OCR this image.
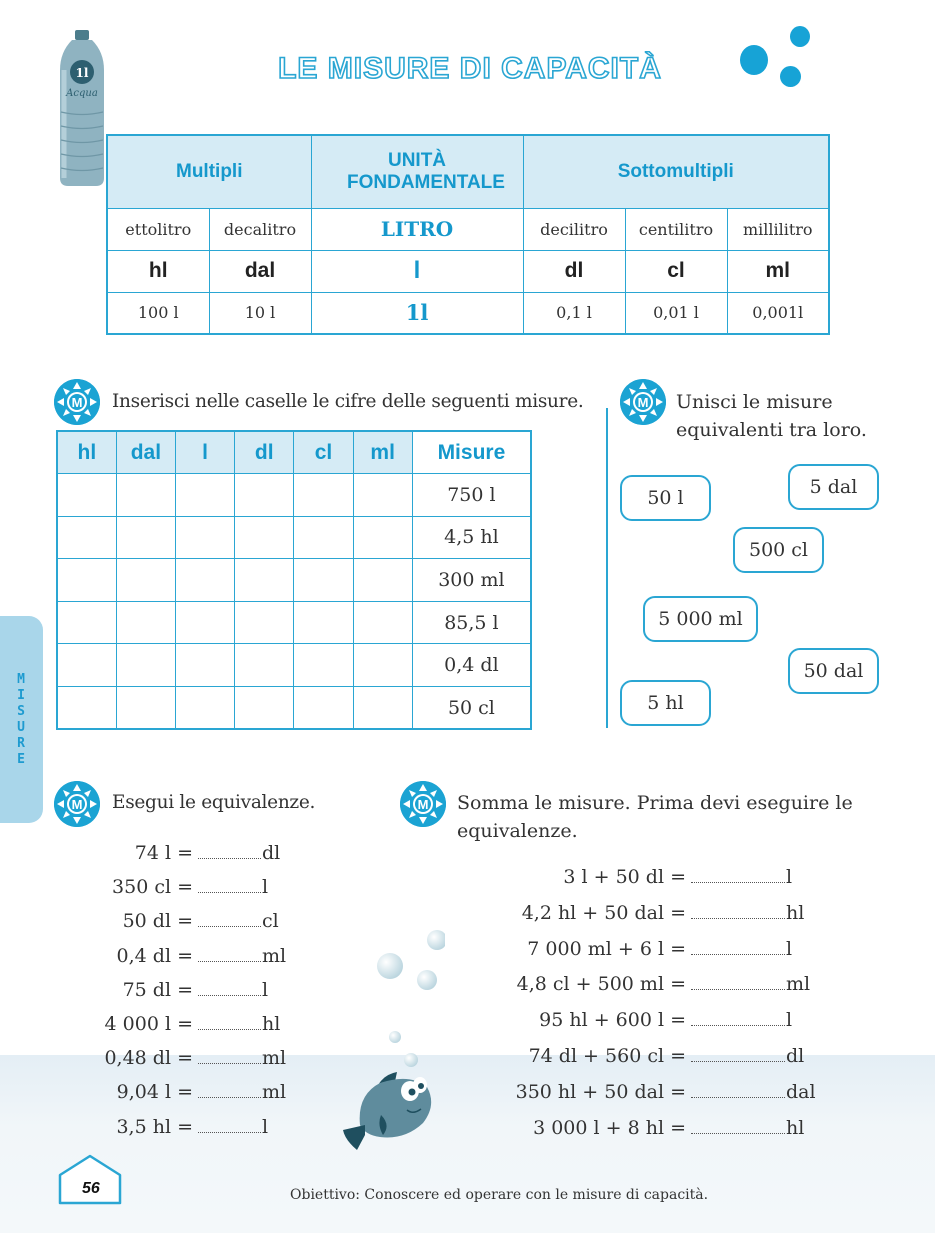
1l
Acqua
LE MISURE DI CAPACITÀ
Multipli		UNITÀ FONDAMENTALE	Sottomultipli		
ettolitro	decalitro	LITRO	decilitro	centilitro	millilitro
hl	dal	l	dl	cl	ml
100 l	10 l	1l	0,1 l	0,01 l	0,001l
Inserisci nelle caselle le cifre delle seguenti misure.
hl	dal	l	dl	cl	ml	Misure
						750 l
						4,5 hl
						300 ml
						85,5 l
						0,4 dl
						50 cl
Unisci le misure
equivalenti tra loro.
50 l	5 dal
500 cl
5 000 ml
50 dal
5 hl
M
I
S
U
R
E
Esegui le equivalenze.
74 l =	dl
350 cl =	l
50 dl =	cl
0,4 dl =	ml
75 dl =	l
4 000 l =	hl
0,48 dl =	ml
9,04 l =	ml
3,5 hl =	l
Somma le misure. Prima devi eseguire le
equivalenze.
3 l + 50 dl =	l
4,2 hl + 50 dal =	hl
7 000 ml + 6 l =	l
4,8 cl + 500 ml =	ml
95 hl + 600 l =	l
74 dl + 560 cl =	dl
350 hl + 50 dal =	dal
3 000 l + 8 hl =	hl
56	Obiettivo: Conoscere ed operare con le misure di capacità.
